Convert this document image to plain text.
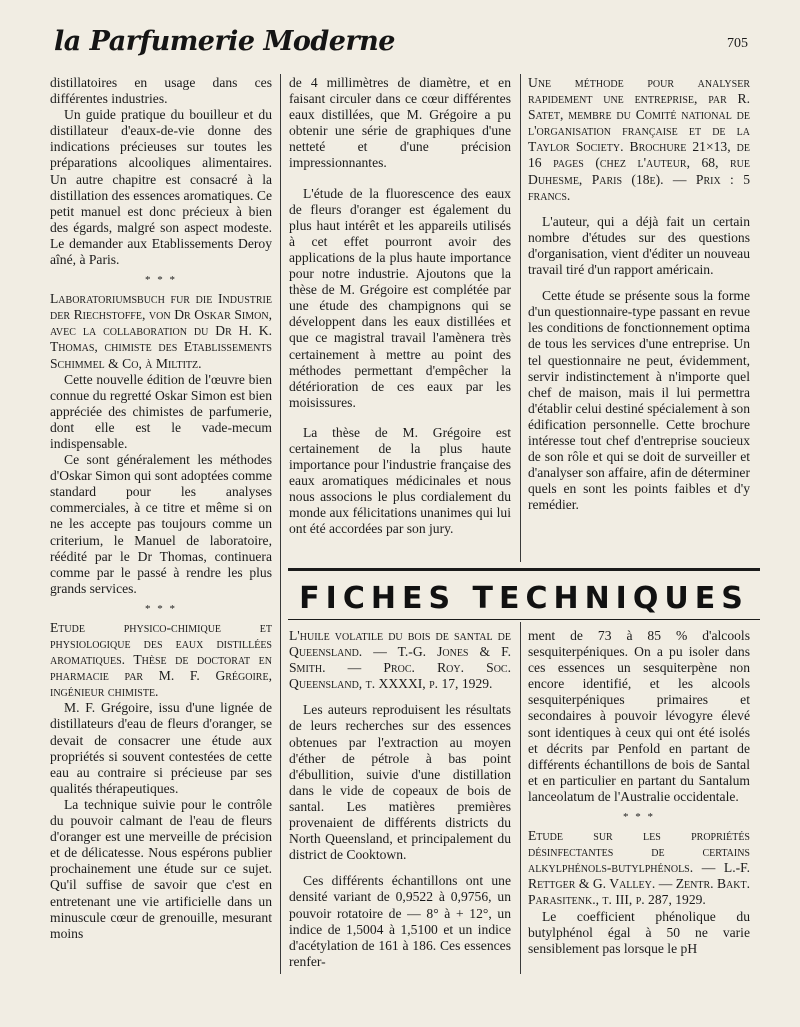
la Parfumerie Moderne	705

distillatoires en usage dans ces différentes industries.

Un guide pratique du bouilleur et du distillateur d'eaux-de-vie donne des indications précieuses sur toutes les préparations alcooliques alimentaires. Un autre chapitre est consacré à la distillation des essences aromatiques. Ce petit manuel est donc précieux à bien des égards, malgré son aspect modeste. Le demander aux Etablissements Deroy aîné, à Paris.

* * *

Laboratoriumsbuch fur die Industrie der Riechstoffe, von Dr Oskar Simon, avec la collaboration du Dr H. K. Thomas, chimiste des Etablissements Schimmel & Co, à Miltitz.

Cette nouvelle édition de l'œuvre bien connue du regretté Oskar Simon est bien appréciée des chimistes de parfumerie, dont elle est le vade-mecum indispensable.

Ce sont généralement les méthodes d'Oskar Simon qui sont adoptées comme standard pour les analyses commerciales, à ce titre et même si on ne les accepte pas toujours comme un criterium, le Manuel de laboratoire, réédité par le Dr Thomas, continuera comme par le passé à rendre les plus grands services.

* * *

Etude physico-chimique et physiologique des eaux distillées aromatiques. Thèse de doctorat en pharmacie par M. F. Grégoire, ingénieur chimiste.

M. F. Grégoire, issu d'une lignée de distillateurs d'eau de fleurs d'oranger, se devait de consacrer une étude aux propriétés si souvent contestées de cette eau au contraire si précieuse par ses qualités thérapeutiques.

La technique suivie pour le contrôle du pouvoir calmant de l'eau de fleurs d'oranger est une merveille de précision et de délicatesse. Nous espérons publier prochainement une étude sur ce sujet. Qu'il suffise de savoir que c'est en entretenant une vie artificielle dans un minuscule cœur de grenouille, mesurant moins

de 4 millimètres de diamètre, et en faisant circuler dans ce cœur différentes eaux distillées, que M. Grégoire a pu obtenir une série de graphiques d'une netteté et d'une précision impressionnantes.

L'étude de la fluorescence des eaux de fleurs d'oranger est également du plus haut intérêt et les appareils utilisés à cet effet pourront avoir des applications de la plus haute importance pour notre industrie. Ajoutons que la thèse de M. Grégoire est complétée par une étude des champignons qui se développent dans les eaux distillées et que ce magistral travail l'amènera très certainement à mettre au point des méthodes permettant d'empêcher la détérioration de ces eaux par les moisissures.

La thèse de M. Grégoire est certainement de la plus haute importance pour l'industrie française des eaux aromatiques médicinales et nous nous associons le plus cordialement du monde aux félicitations unanimes qui lui ont été accordées par son jury.

Une méthode pour analyser rapidement une entreprise, par R. Satet, membre du Comité national de l'organisation française et de la Taylor Society. Brochure 21×13, de 16 pages (chez l'auteur, 68, rue Duhesme, Paris (18e). — Prix : 5 francs.

L'auteur, qui a déjà fait un certain nombre d'études sur des questions d'organisation, vient d'éditer un nouveau travail tiré d'un rapport américain.

Cette étude se présente sous la forme d'un questionnaire-type passant en revue les conditions de fonctionnement optima de tous les services d'une entreprise. Un tel questionnaire ne peut, évidemment, servir indistinctement à n'importe quel chef de maison, mais il lui permettra d'établir celui destiné spécialement à son édification personnelle. Cette brochure intéresse tout chef d'entreprise soucieux de son rôle et qui se doit de surveiller et d'analyser son affaire, afin de déterminer quels en sont les points faibles et d'y remédier.

FICHES TECHNIQUES

L'huile volatile du bois de santal de Queensland. — T.-G. Jones & F. Smith. — Proc. Roy. Soc. Queensland, t. XXXXI, p. 17, 1929.

Les auteurs reproduisent les résultats de leurs recherches sur des essences obtenues par l'extraction au moyen d'éther de pétrole à bas point d'ébullition, suivie d'une distillation dans le vide de copeaux de bois de santal. Les matières premières provenaient de différents districts du North Queensland, et principalement du district de Cooktown.

Ces différents échantillons ont une densité variant de 0,9522 à 0,9756, un pouvoir rotatoire de — 8° à + 12°, un indice de 1,5004 à 1,5100 et un indice d'acétylation de 161 à 186. Ces essences renfer-

ment de 73 à 85 % d'alcools sesquiterpéniques. On a pu isoler dans ces essences un sesquiterpène non encore identifié, et les alcools sesquiterpéniques primaires et secondaires à pouvoir lévogyre élevé sont identiques à ceux qui ont été isolés et décrits par Penfold en partant de différents échantillons de bois de Santal et en particulier en partant du Santalum lanceolatum de l'Australie occidentale.

* * *

Etude sur les propriétés désinfectantes de certains alkylphénols-butylphénols. — L.-F. Rettger & G. Valley. — Zentr. Bakt. Parasitenk., t. III, p. 287, 1929.

Le coefficient phénolique du butylphénol égal à 50 ne varie sensiblement pas lorsque le pH
